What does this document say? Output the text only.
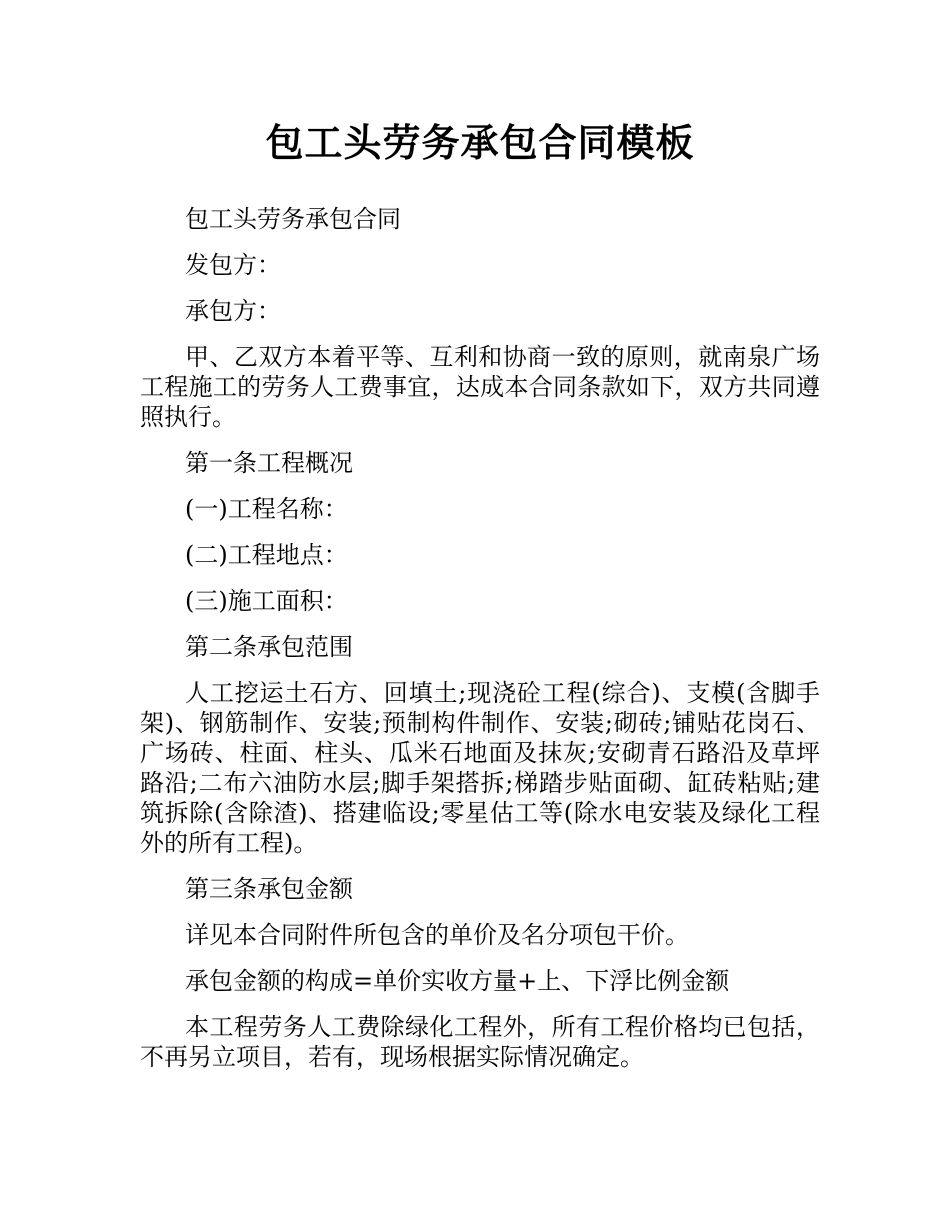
包工头劳务承包合同模板

包工头劳务承包合同

发包方：

承包方：

甲、乙双方本着平等、互利和协商一致的原则，就南泉广场工程施工的劳务人工费事宜，达成本合同条款如下，双方共同遵照执行。

第一条工程概况

(一)工程名称：

(二)工程地点：

(三)施工面积：

第二条承包范围

人工挖运土石方、回填土;现浇砼工程(综合)、支模(含脚手架)、钢筋制作、安装;预制构件制作、安装;砌砖;铺贴花岗石、广场砖、柱面、柱头、瓜米石地面及抹灰;安砌青石路沿及草坪路沿;二布六油防水层;脚手架搭拆;梯踏步贴面砌、缸砖粘贴;建筑拆除(含除渣)、搭建临设;零星估工等(除水电安装及绿化工程外的所有工程)。

第三条承包金额

详见本合同附件所包含的单价及名分项包干价。

承包金额的构成=单价实收方量+上、下浮比例金额

本工程劳务人工费除绿化工程外，所有工程价格均已包括，不再另立项目，若有，现场根据实际情况确定。
